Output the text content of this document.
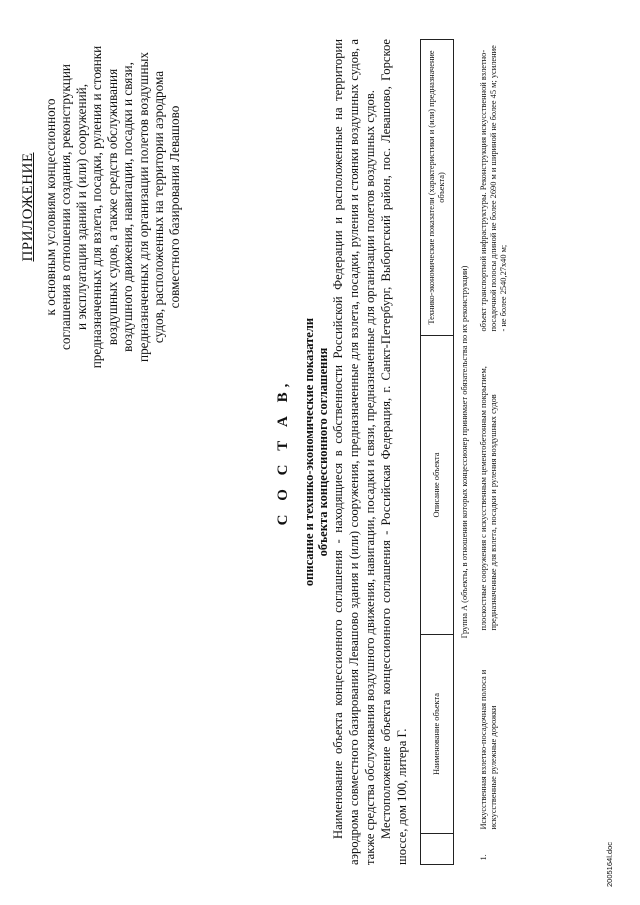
ПРИЛОЖЕНИЕ к основным условиям концессионного соглашения в отношении создания, реконструкции и эксплуатации зданий и (или) сооружений, предназначенных для взлета, посадки, руления и стоянки воздушных судов, а также средств обслуживания воздушного движения, навигации, посадки и связи, предназначенных для организации полетов воздушных судов, расположенных на территории аэродрома совместного базирования Левашово
С О С Т А В, описание и технико-экономические показатели объекта концессионного соглашения Наименование объекта концессионного соглашения - находящиеся в собственности Российской Федерации и расположенные на территории аэродрома совместного базирования Левашово здания и (или) сооружения, предназначенные для взлета, посадки, руления и стоянки воздушных судов, а также средства обслуживания воздушного движения, навигации, посадки и связи, предназначенные для организации полетов воздушных судов. Местоположение объекта концессионного соглашения - Российская Федерация, г. Санкт-Петербург, Выборгский район, пос. Левашово, Горское шоссе, дом 100, литера Г.

		Наименование объекта	Описание объекта	Технико-экономические показатели (характеристики и (или) предназначение объекта)
Группа А (объекты, в отношении которых концессионер принимает обязательства по их реконструкции)			
1.	Искусственная взлетно-посадочная полоса и искусственные рулежные дорожки	плоскостные сооружения с искусственным цементобетонным покрытием, предназначенные для взлета, посадки и руления воздушных судов	объект транспортной инфраструктуры. Реконструкция искусственной взлетно-посадочной полосы длиной не более 2690 м и шириной не более 45 м; усиление - не более 2540,27х40 м;
2005164l.doc
